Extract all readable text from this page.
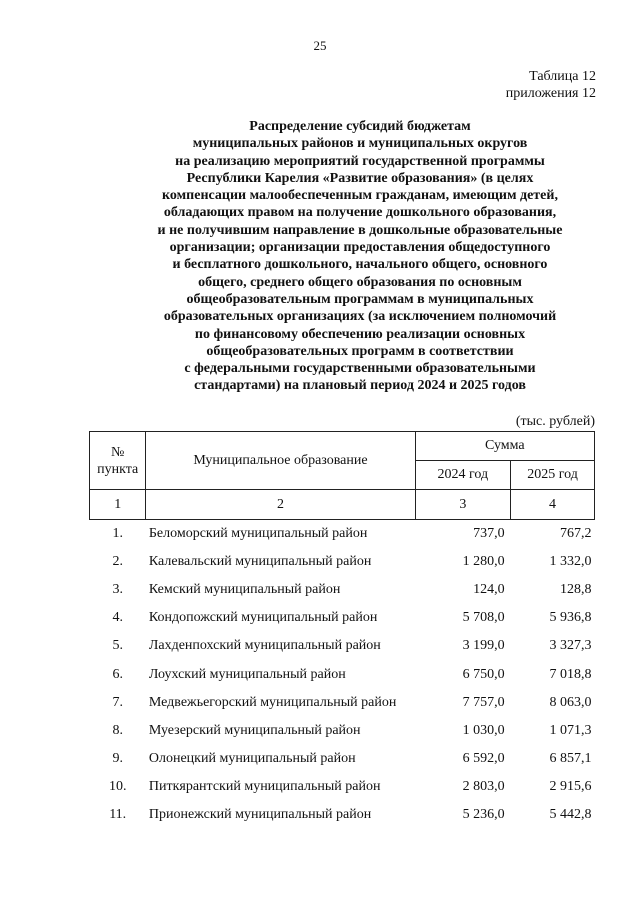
25
Таблица 12
приложения 12
Распределение субсидий бюджетам
муниципальных районов и муниципальных округов
на реализацию мероприятий государственной программы
Республики Карелия «Развитие образования» (в целях
компенсации малообеспеченным гражданам, имеющим детей,
обладающих правом на получение дошкольного образования,
и не получившим направление в дошкольные образовательные
организации; организации предоставления общедоступного
и бесплатного дошкольного, начального общего, основного
общего, среднего общего образования по основным
общеобразовательным программам в муниципальных
образовательных организациях (за исключением полномочий
по финансовому обеспечению реализации основных
общеобразовательных программ в соответствии
с федеральными государственными образовательными
стандартами) на плановый период 2024 и 2025 годов
(тыс. рублей)
№
пункта	Муниципальное образование	Сумма	
		2024 год	2025 год
1	2	3	4
1.	Беломорский муниципальный район	737,0	767,2
2.	Калевальский муниципальный район	1 280,0	1 332,0
3.	Кемский муниципальный район	124,0	128,8
4.	Кондопожский муниципальный район	5 708,0	5 936,8
5.	Лахденпохский муниципальный район	3 199,0	3 327,3
6.	Лоухский муниципальный район	6 750,0	7 018,8
7.	Медвежьегорский муниципальный район	7 757,0	8 063,0
8.	Муезерский муниципальный район	1 030,0	1 071,3
9.	Олонецкий муниципальный район	6 592,0	6 857,1
10.	Питкярантский муниципальный район	2 803,0	2 915,6
11.	Прионежский муниципальный район	5 236,0	5 442,8
